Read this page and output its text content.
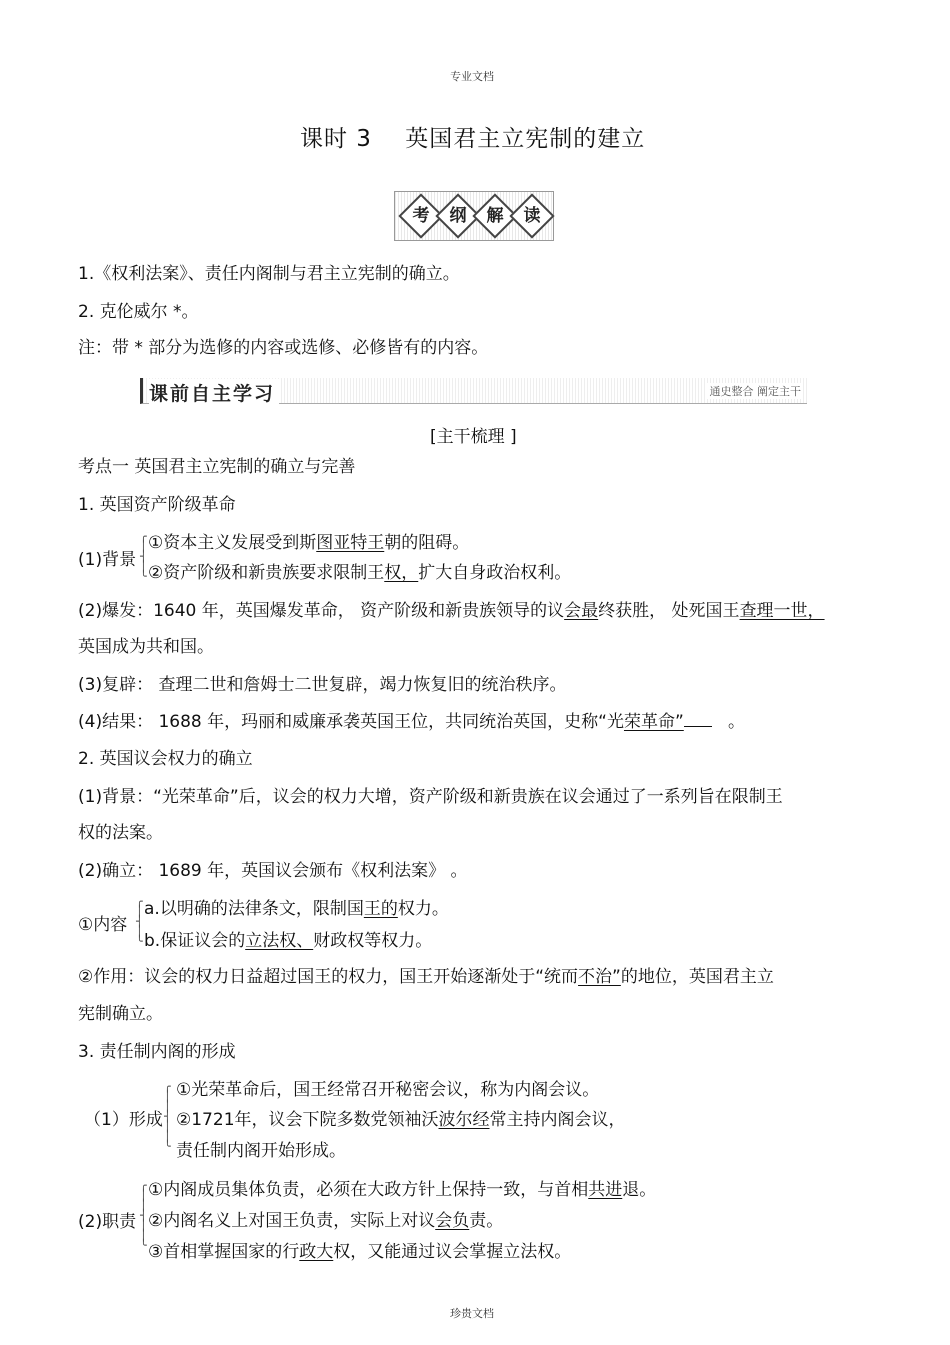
专业文档
课时 3 英国君主立宪制的建立
考	纲	解	读
1.《权利法案》、责任内阁制与君主立宪制的确立。
2. 克伦威尔 *。
注：带 * 部分为选修的内容或选修、必修皆有的内容。
课前自主学习	通史整合 阐定主干
[主干梳理 ]
考点一 英国君主立宪制的确立与完善
1. 英国资产阶级革命
(1)背景
╭
│
┤
│
╰
①资本主义发展受到斯图亚特王朝的阻碍。
②资产阶级和新贵族要求限制王权，扩大自身政治权利。
(2)爆发：1640 年，英国爆发革命， 资产阶级和新贵族领导的议会最终获胜， 处死国王查理一世，
英国成为共和国。
(3)复辟： 查理二世和詹姆士二世复辟，竭力恢复旧的统治秩序。
(4)结果： 1688 年，玛丽和威廉承袭英国王位，共同统治英国，史称“光荣革命”	。
2. 英国议会权力的确立
(1)背景：“光荣革命”后，议会的权力大增，资产阶级和新贵族在议会通过了一系列旨在限制王
权的法案。
(2)确立： 1689 年，英国议会颁布《权利法案》 。
①内容
╭
│
┤
│
╰
a.以明确的法律条文，限制国王的权力。
b.保证议会的立法权、财政权等权力。
②作用：议会的权力日益超过国王的权力，国王开始逐渐处于“统而不治”的地位，英国君主立
宪制确立。
3. 责任制内阁的形成
（1）形成
╭
│
│
┤
│
│
╰
①光荣革命后，国王经常召开秘密会议，称为内阁会议。
②1721年，议会下院多数党领袖沃波尔经常主持内阁会议，
责任制内阁开始形成。
(2)职责
╭
│
│
┤
│
│
╰
①内阁成员集体负责，必须在大政方针上保持一致，与首相共进退。
②内阁名义上对国王负责，实际上对议会负责。
③首相掌握国家的行政大权，又能通过议会掌握立法权。
珍贵文档
